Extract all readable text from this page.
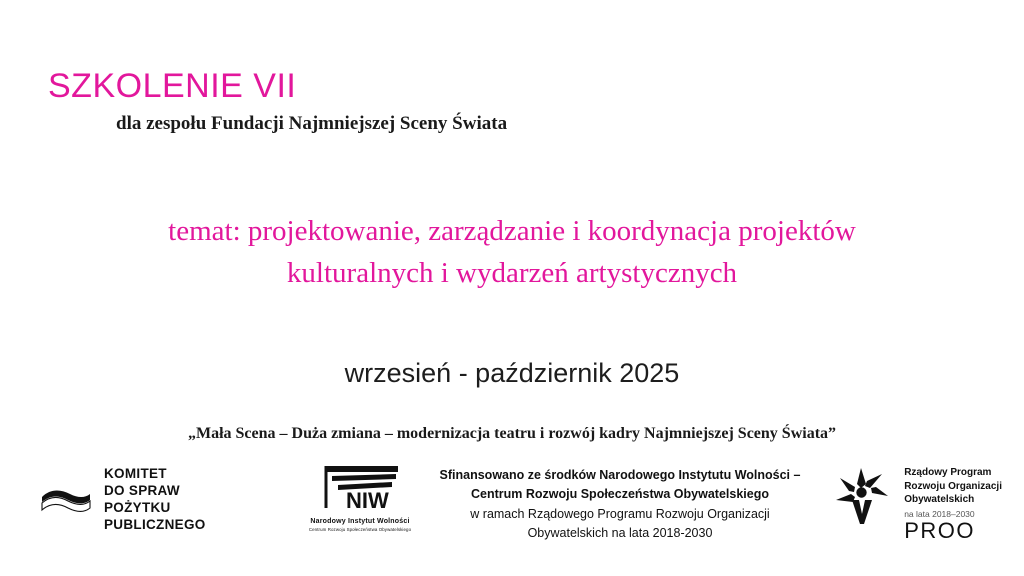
SZKOLENIE VII
dla zespołu Fundacji Najmniejszej Sceny Świata
temat: projektowanie, zarządzanie i koordynacja projektów
kulturalnych i wydarzeń artystycznych
wrzesień - październik 2025
„Mała Scena – Duża zmiana – modernizacja teatru i rozwój kadry Najmniejszej Sceny Świata”
KOMITET
DO SPRAW
POŻYTKU
PUBLICZNEGO
NIW
Narodowy Instytut Wolności
Centrum Rozwoju Społeczeństwa Obywatelskiego
Sfinansowano ze środków Narodowego Instytutu Wolności –
Centrum Rozwoju Społeczeństwa Obywatelskiego
w ramach Rządowego Programu Rozwoju Organizacji
Obywatelskich na lata 2018-2030
Rządowy Program
Rozwoju Organizacji
Obywatelskich
na lata 2018–2030
PROO
